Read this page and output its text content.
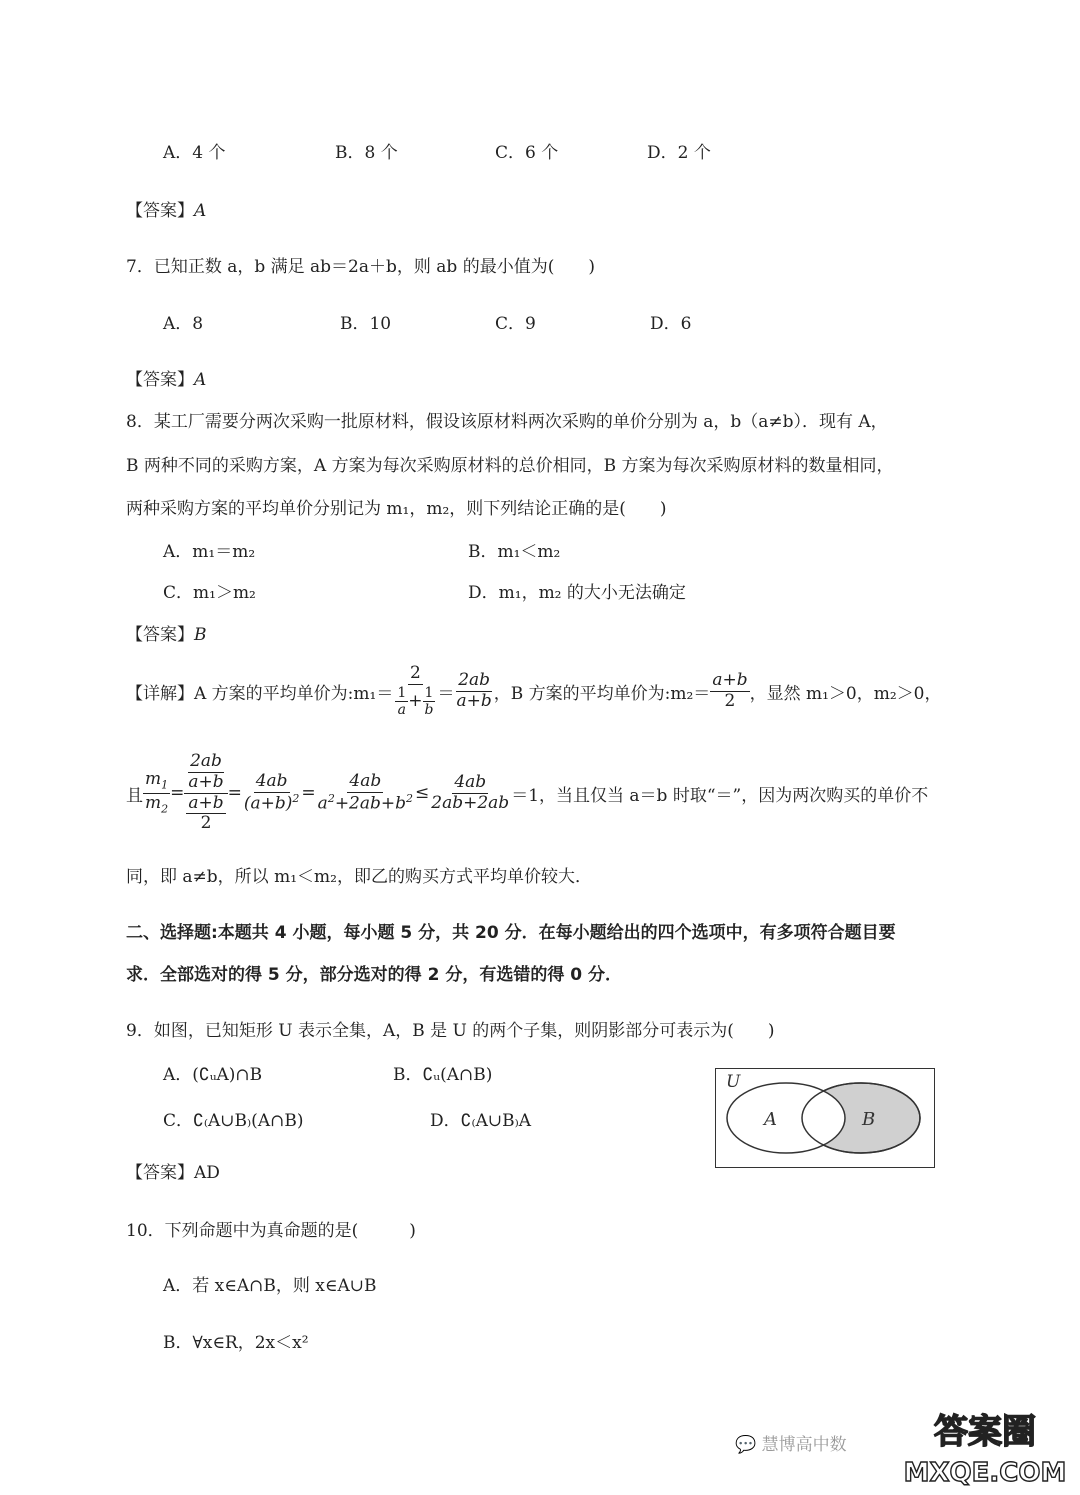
A．4 个	B．8 个	C．6 个	D．2 个
【答案】A
7．已知正数 a，b 满足 ab＝2a＋b，则 ab 的最小值为(　　)
A．8	B．10	C．9	D．6
【答案】A
8．某工厂需要分两次采购一批原材料，假设该原材料两次采购的单价分别为 a，b（a≠b）．现有 A，
B 两种不同的采购方案，A 方案为每次采购原材料的总价相同，B 方案为每次采购原材料的数量相同，
两种采购方案的平均单价分别记为 m₁，m₂，则下列结论正确的是(　　)
A．m₁＝m₂	B．m₁＜m₂
C．m₁＞m₂	D．m₁，m₂ 的大小无法确定
【答案】B
【详解】 A 方案的平均单价为:m₁＝ $\frac{2}{\frac{1}{a} + \frac{1}{b}} = \frac{2ab}{a+b}$ ，B 方案的平均单价为:m₂＝ $\frac{a+b}{2}$ ，显然 m₁＞0，m₂＞0，
且 $\frac{m_1}{m_2} = \frac{\frac{2ab}{a+b}}{\frac{a+b}{2}} = \frac{4ab}{(a+b)^2} = \frac{4ab}{a^2+2ab+b^2} \le \frac{4ab}{2ab+2ab} =1$，当且仅当 a＝b 时取“＝”，因为两次购买的单价不
同，即 a≠b，所以 m₁＜m₂，即乙的购买方式平均单价较大．
二、选择题:本题共 4 小题，每小题 5 分，共 20 分．在每小题给出的四个选项中，有多项符合题目要
求．全部选对的得 5 分，部分选对的得 2 分，有选错的得 0 分．
9．如图，已知矩形 U 表示全集，A，B 是 U 的两个子集，则阴影部分可表示为(　　)
A．(∁ᵤA)∩B	B．∁ᵤ(A∩B)
C．∁₍A∪B₎(A∩B)	D．∁₍A∪B₎A
U
A	B
【答案】AD
10．下列命题中为真命题的是(　　　)
A．若 x∈A∩B，则 x∈A∪B
B．∀x∈R，2x＜x²
💬 慧博高中数	答案圈
MXQE.COM
